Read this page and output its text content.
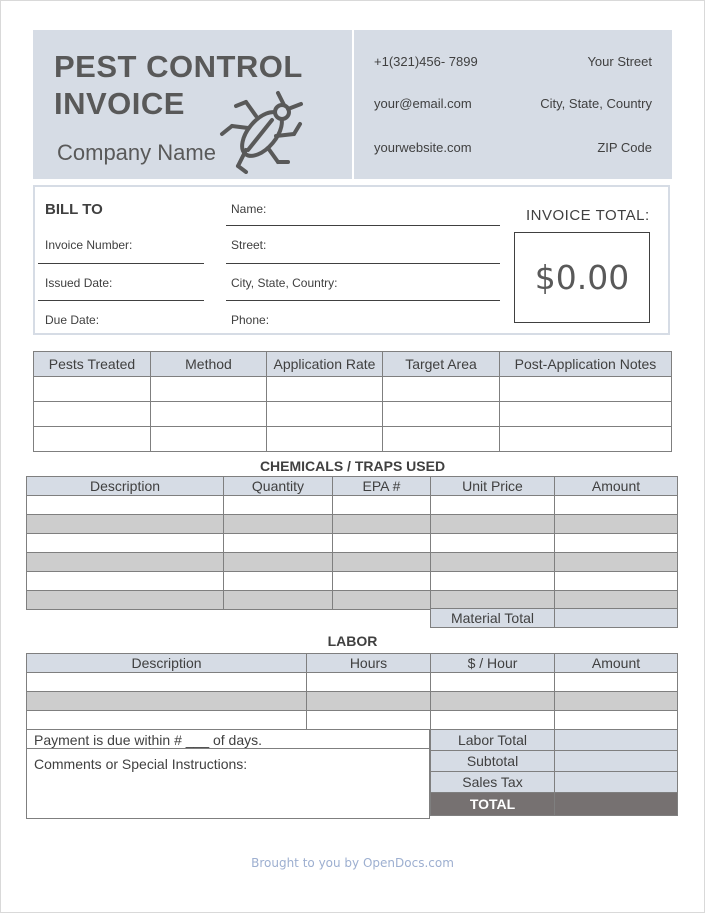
PEST CONTROL
INVOICE
Company Name
+1(321)456- 7899
your@email.com
yourwebsite.com
Your Street
City, State, Country
ZIP Code
BILL TO
Invoice Number:
Issued Date:
Due Date:
Name:
Street:
City, State, Country:
Phone:
INVOICE TOTAL:
$0.00
Pests Treated	Method	Application Rate	Target Area	Post-Application Notes

CHEMICALS / TRAPS USED
Description	Quantity	EPA #	Unit Price	Amount

Material Total	
LABOR
Description	Hours	$ / Hour	Amount

Payment is due within # ___ of days.
Comments or Special Instructions:
Labor Total	
Subtotal	
Sales Tax	
TOTAL	
Brought to you by OpenDocs.com
